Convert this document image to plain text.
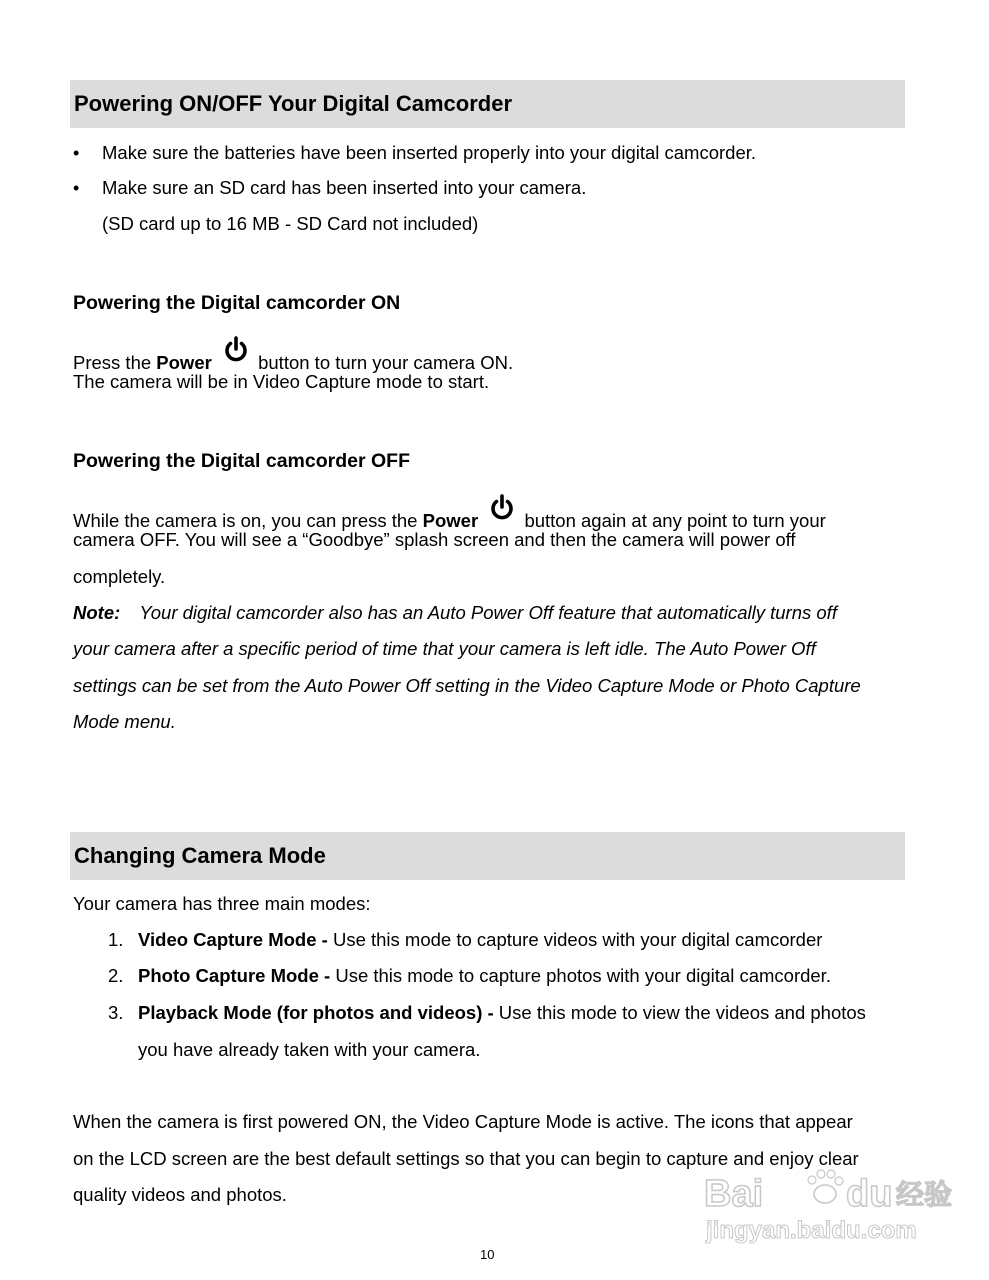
Powering ON/OFF Your Digital Camcorder
• Make sure the batteries have been inserted properly into your digital camcorder.
• Make sure an SD card has been inserted into your camera.
(SD card up to 16 MB - SD Card not included)
Powering the Digital camcorder ON
Press the Power	button to turn your camera ON.
The camera will be in Video Capture mode to start.
Powering the Digital camcorder OFF
While the camera is on, you can press the Power	button again at any point to turn your
camera OFF. You will see a “Goodbye” splash screen and then the camera will power off
completely.
Note: Your digital camcorder also has an Auto Power Off feature that automatically turns off
your camera after a specific period of time that your camera is left idle. The Auto Power Off
settings can be set from the Auto Power Off setting in the Video Capture Mode or Photo Capture
Mode menu.
Changing Camera Mode
Your camera has three main modes:
1. Video Capture Mode - Use this mode to capture videos with your digital camcorder
2. Photo Capture Mode - Use this mode to capture photos with your digital camcorder.
3. Playback Mode (for photos and videos) - Use this mode to view the videos and photos
you have already taken with your camera.
When the camera is first powered ON, the Video Capture Mode is active. The icons that appear
on the LCD screen are the best default settings so that you can begin to capture and enjoy clear
quality videos and photos.
10
Bai du 经验
jingyan.baidu.com
